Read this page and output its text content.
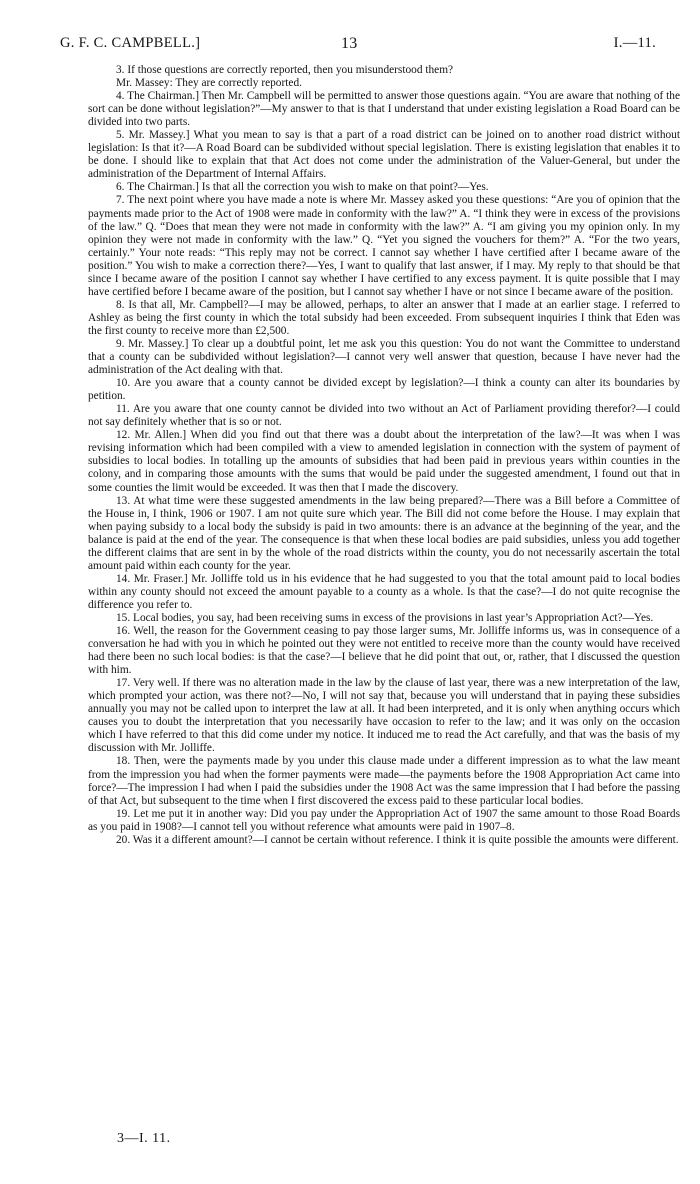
G. F. C. CAMPBELL.]	13	I.—11.

3. If those questions are correctly reported, then you misunderstood them?

Mr. Massey: They are correctly reported.

4. The Chairman.] Then Mr. Campbell will be permitted to answer those questions again. “You are aware that nothing of the sort can be done without legislation?”—My answer to that is that I understand that under existing legislation a Road Board can be divided into two parts.

5. Mr. Massey.] What you mean to say is that a part of a road district can be joined on to another road district without legislation: Is that it?—A Road Board can be subdivided without special legislation. There is existing legislation that enables it to be done. I should like to explain that that Act does not come under the administration of the Valuer-General, but under the administration of the Department of Internal Affairs.

6. The Chairman.] Is that all the correction you wish to make on that point?—Yes.

7. The next point where you have made a note is where Mr. Massey asked you these questions: “Are you of opinion that the payments made prior to the Act of 1908 were made in conformity with the law?” A. “I think they were in excess of the provisions of the law.” Q. “Does that mean they were not made in conformity with the law?” A. “I am giving you my opinion only. In my opinion they were not made in conformity with the law.” Q. “Yet you signed the vouchers for them?” A. “For the two years, certainly.” Your note reads: “This reply may not be correct. I cannot say whether I have certified after I became aware of the position.” You wish to make a correction there?—Yes, I want to qualify that last answer, if I may. My reply to that should be that since I became aware of the position I cannot say whether I have certified to any excess payment. It is quite possible that I may have certified before I became aware of the position, but I cannot say whether I have or not since I became aware of the position.

8. Is that all, Mr. Campbell?—I may be allowed, perhaps, to alter an answer that I made at an earlier stage. I referred to Ashley as being the first county in which the total subsidy had been exceeded. From subsequent inquiries I think that Eden was the first county to receive more than £2,500.

9. Mr. Massey.] To clear up a doubtful point, let me ask you this question: You do not want the Committee to understand that a county can be subdivided without legislation?—I cannot very well answer that question, because I have never had the administration of the Act dealing with that.

10. Are you aware that a county cannot be divided except by legislation?—I think a county can alter its boundaries by petition.

11. Are you aware that one county cannot be divided into two without an Act of Parliament providing therefor?—I could not say definitely whether that is so or not.

12. Mr. Allen.] When did you find out that there was a doubt about the interpretation of the law?—It was when I was revising information which had been compiled with a view to amended legislation in connection with the system of payment of subsidies to local bodies. In totalling up the amounts of subsidies that had been paid in previous years within counties in the colony, and in comparing those amounts with the sums that would be paid under the suggested amendment, I found out that in some counties the limit would be exceeded. It was then that I made the discovery.

13. At what time were these suggested amendments in the law being prepared?—There was a Bill before a Committee of the House in, I think, 1906 or 1907. I am not quite sure which year. The Bill did not come before the House. I may explain that when paying subsidy to a local body the subsidy is paid in two amounts: there is an advance at the beginning of the year, and the balance is paid at the end of the year. The consequence is that when these local bodies are paid subsidies, unless you add together the different claims that are sent in by the whole of the road districts within the county, you do not necessarily ascertain the total amount paid within each county for the year.

14. Mr. Fraser.] Mr. Jolliffe told us in his evidence that he had suggested to you that the total amount paid to local bodies within any county should not exceed the amount payable to a county as a whole. Is that the case?—I do not quite recognise the difference you refer to.

15. Local bodies, you say, had been receiving sums in excess of the provisions in last year’s Appropriation Act?—Yes.

16. Well, the reason for the Government ceasing to pay those larger sums, Mr. Jolliffe informs us, was in consequence of a conversation he had with you in which he pointed out they were not entitled to receive more than the county would have received had there been no such local bodies: is that the case?—I believe that he did point that out, or, rather, that I discussed the question with him.

17. Very well. If there was no alteration made in the law by the clause of last year, there was a new interpretation of the law, which prompted your action, was there not?—No, I will not say that, because you will understand that in paying these subsidies annually you may not be called upon to interpret the law at all. It had been interpreted, and it is only when anything occurs which causes you to doubt the interpretation that you necessarily have occasion to refer to the law; and it was only on the occasion which I have referred to that this did come under my notice. It induced me to read the Act carefully, and that was the basis of my discussion with Mr. Jolliffe.

18. Then, were the payments made by you under this clause made under a different impression as to what the law meant from the impression you had when the former payments were made—the payments before the 1908 Appropriation Act came into force?—The impression I had when I paid the subsidies under the 1908 Act was the same impression that I had before the passing of that Act, but subsequent to the time when I first discovered the excess paid to these particular local bodies.

19. Let me put it in another way: Did you pay under the Appropriation Act of 1907 the same amount to those Road Boards as you paid in 1908?—I cannot tell you without reference what amounts were paid in 1907–8.

20. Was it a different amount?—I cannot be certain without reference. I think it is quite possible the amounts were different.

3—I. 11.
